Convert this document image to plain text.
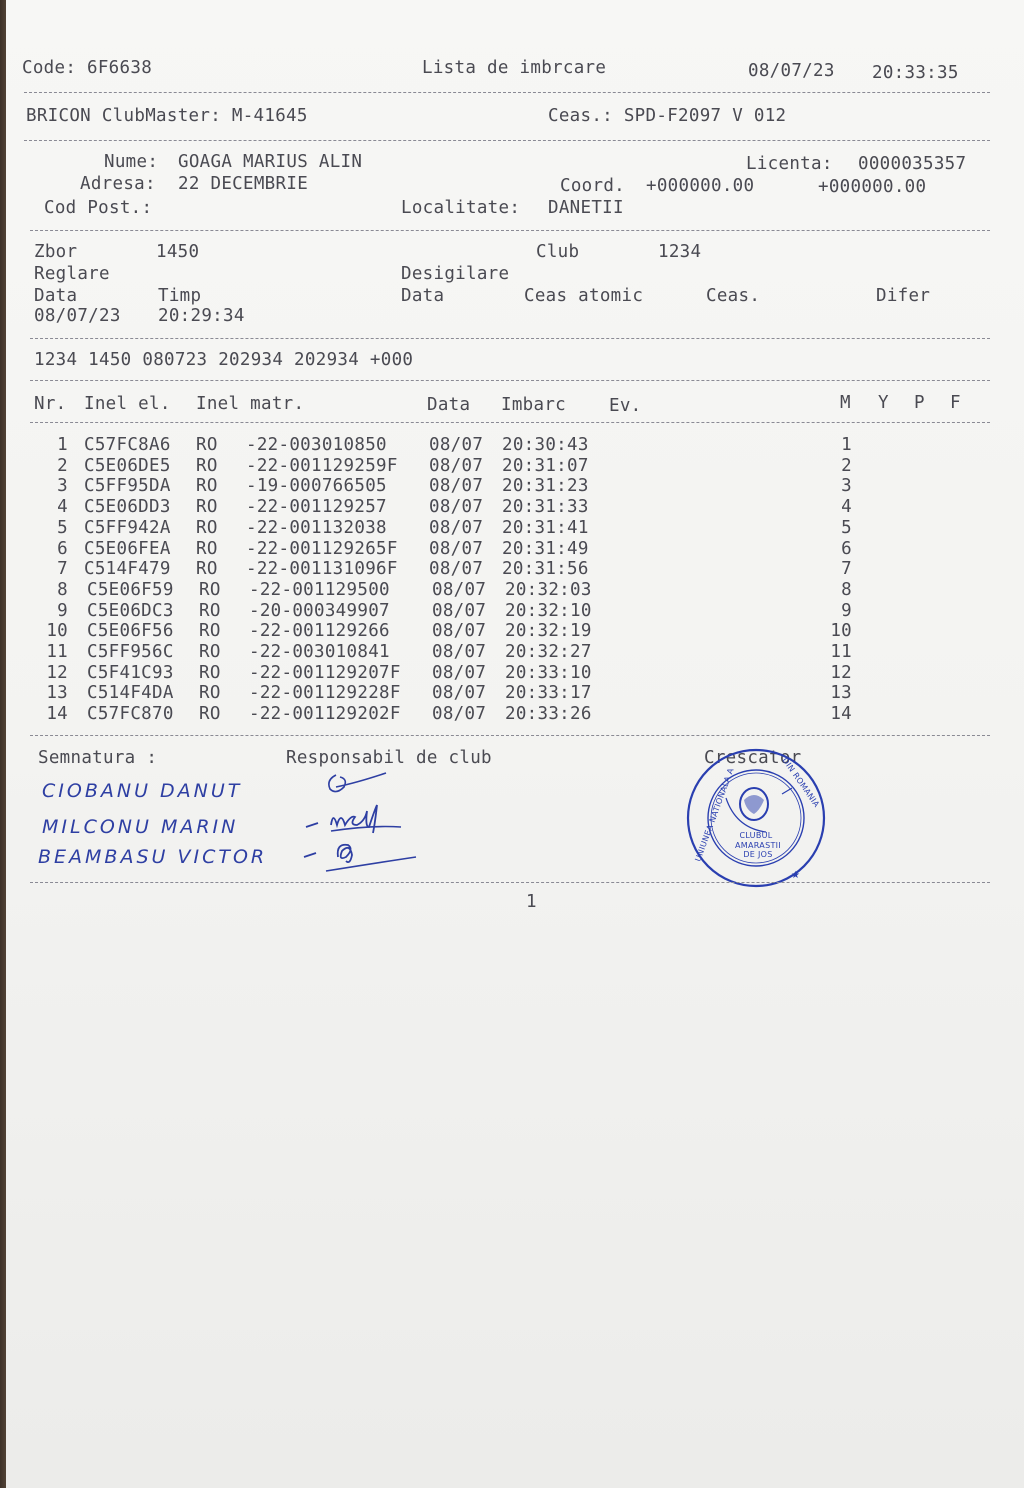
Code: 6F6638	Lista de imbrcare	08/07/23 20:33:35
BRICON ClubMaster: M-41645	Ceas.: SPD-F2097 V 012
Nume: GOAGA MARIUS ALIN	Licenta: 0000035357
Adresa: 22 DECEMBRIE	Coord. +000000.00	+000000.00
Cod Post.:	Localitate: DANETII
Zbor	1450	Club	1234
Reglare	Desigilare
Data	Timp	Data	Ceas atomic	Ceas.	Difer
08/07/23 20:29:34
1234 1450 080723 202934 202934 +000
Nr. Inel el. Inel matr.	Data Imbarc Ev.	M Y P F
1 C57FC8A6 RO -22-003010850 08/07 20:30:43	1
2 C5E06DE5 RO -22-001129259F 08/07 20:31:07	2
3 C5FF95DA RO -19-000766505 08/07 20:31:23	3
4 C5E06DD3 RO -22-001129257 08/07 20:31:33	4
5 C5FF942A RO -22-001132038 08/07 20:31:41	5
6 C5E06FEA RO -22-001129265F 08/07 20:31:49	6
7 C514F479 RO -22-001131096F 08/07 20:31:56	7
8 C5E06F59 RO -22-001129500 08/07 20:32:03	8
9 C5E06DC3 RO -20-000349907 08/07 20:32:10	9
10 C5E06F56 RO -22-001129266 08/07 20:32:19	10
11 C5FF956C RO -22-003010841 08/07 20:32:27	11
12 C5F41C93 RO -22-001129207F 08/07 20:33:10	12
13 C514F4DA RO -22-001129228F 08/07 20:33:17	13
14 C57FC870 RO -22-001129202F 08/07 20:33:26	14
Semnatura :	Responsabil de club	Crescator
CIOBANU DANUT
MILCONU MARIN
BEAMBASU VICTOR
CLUBUL
AMARASTII
DE JOS
★
UNIUNEA NATIONALA A	DIN ROMANIA
1
